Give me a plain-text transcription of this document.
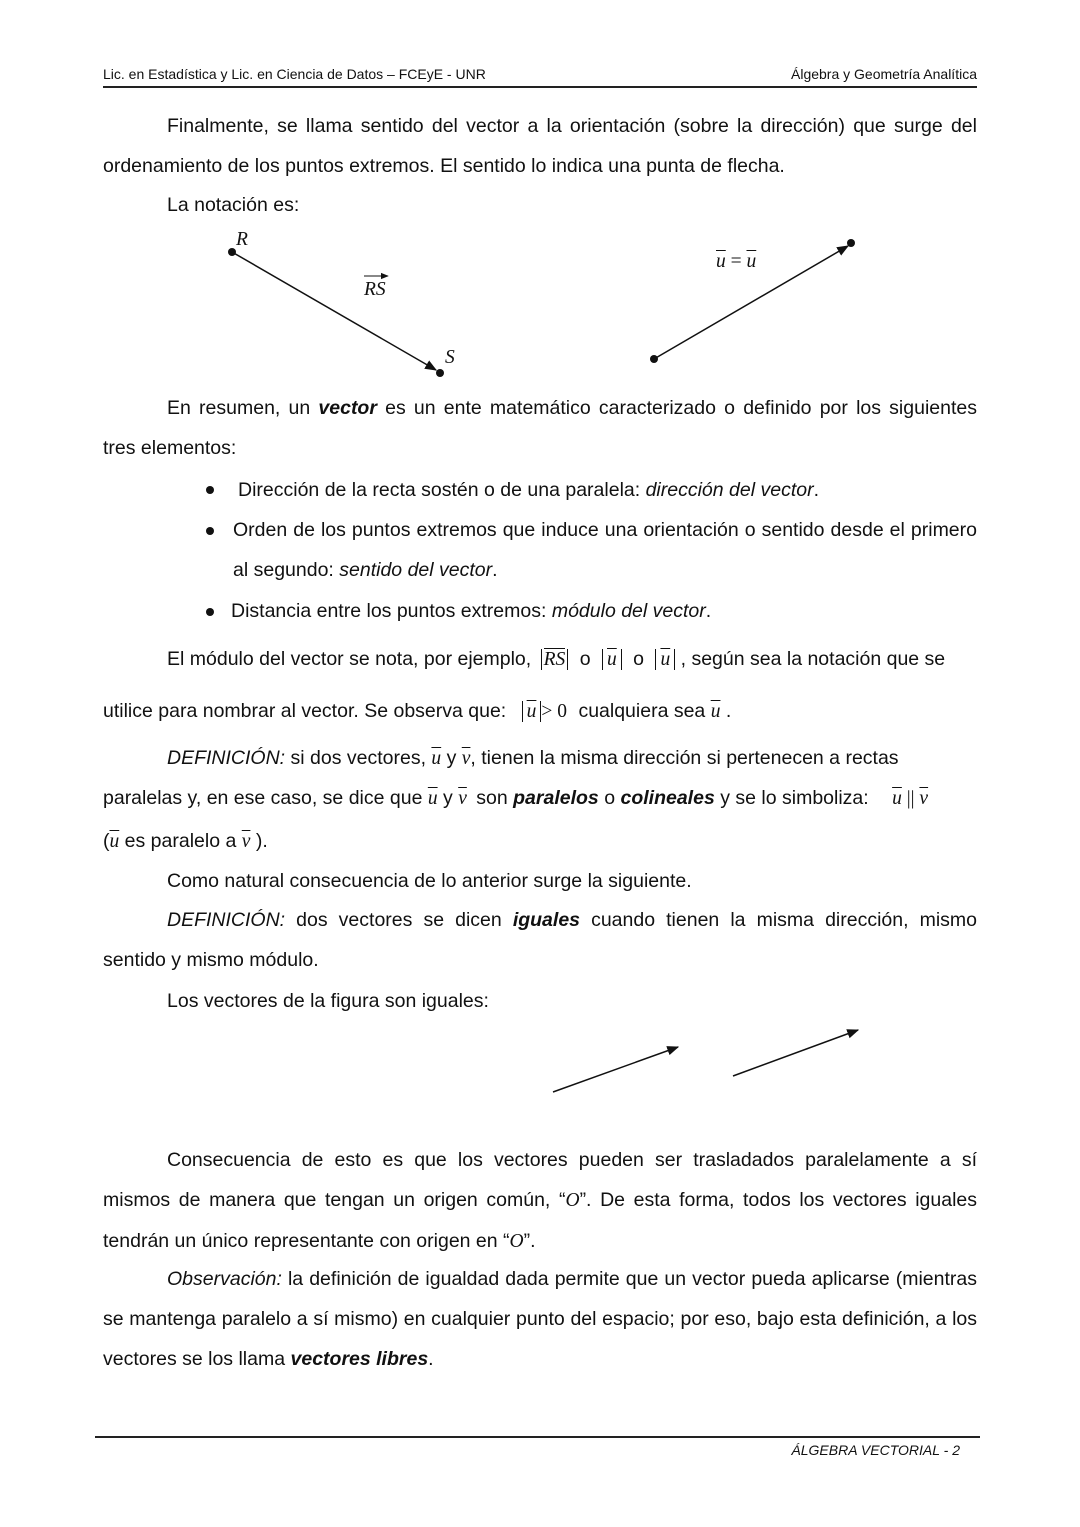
Lic. en Estadística y Lic. en Ciencia de Datos – FCEyE - UNR	Álgebra y Geometría Analítica
Finalmente, se llama sentido del vector a la orientación (sobre la dirección) que surge del ordenamiento de los puntos extremos. El sentido lo indica una punta de flecha.
La notación es:
R
S
RS
$\overline{u} = \overline{u}$
En resumen, un vector es un ente matemático caracterizado o definido por los siguientes tres elementos:
Dirección de la recta sostén o de una paralela: dirección del vector.
Orden de los puntos extremos que induce una orientación o sentido desde el primero al segundo: sentido del vector.
Distancia entre los puntos extremos: módulo del vector.
El módulo del vector se nota, por ejemplo, RS o $\overline{u}$ o $\overline{u}$ , según sea la notación que se
utilice para nombrar al vector. Se observa que: $\overline{u} > 0$ cualquiera sea $\overline{u}$ .
DEFINICIÓN: si dos vectores, $\overline{u}$ y $\overline{v}$, tienen la misma dirección si pertenecen a rectas
paralelas y, en ese caso, se dice que $\overline{u}$ y $\overline{v}$ son paralelos o colineales y se lo simboliza: $\overline{u}$ || $\overline{v}$
($\overline{u}$ es paralelo a $\overline{v}$ ).
Como natural consecuencia de lo anterior surge la siguiente.
DEFINICIÓN: dos vectores se dicen iguales cuando tienen la misma dirección, mismo sentido y mismo módulo.
Los vectores de la figura son iguales:
Consecuencia de esto es que los vectores pueden ser trasladados paralelamente a sí mismos de manera que tengan un origen común, “O”. De esta forma, todos los vectores iguales tendrán un único representante con origen en “O”.
Observación: la definición de igualdad dada permite que un vector pueda aplicarse (mientras se mantenga paralelo a sí mismo) en cualquier punto del espacio; por eso, bajo esta definición, a los vectores se los llama vectores libres.
ÁLGEBRA VECTORIAL - 2
